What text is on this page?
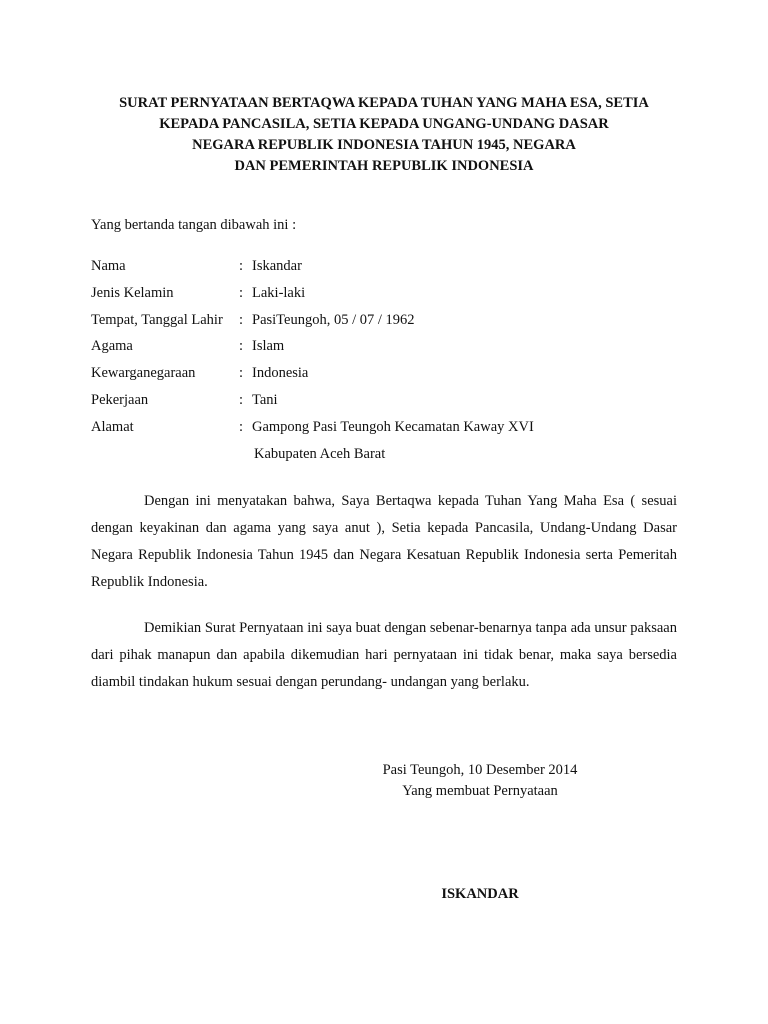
SURAT PERNYATAAN BERTAQWA KEPADA TUHAN YANG MAHA ESA, SETIA
KEPADA PANCASILA, SETIA KEPADA UNGANG-UNDANG DASAR
NEGARA REPUBLIK INDONESIA TAHUN 1945, NEGARA
DAN PEMERINTAH REPUBLIK INDONESIA
Yang bertanda tangan dibawah ini :
Nama	: Iskandar
Jenis Kelamin	: Laki-laki
Tempat, Tanggal Lahir : PasiTeungoh, 05 / 07 / 1962
Agama	: Islam
Kewarganegaraan	: Indonesia
Pekerjaan	: Tani
Alamat	: Gampong Pasi Teungoh Kecamatan Kaway XVI
Kabupaten Aceh Barat

Dengan ini menyatakan bahwa, Saya Bertaqwa kepada Tuhan Yang Maha Esa ( sesuai dengan keyakinan dan agama yang saya anut ), Setia kepada Pancasila, Undang-Undang Dasar Negara Republik Indonesia Tahun 1945 dan Negara Kesatuan Republik Indonesia serta Pemeritah Republik Indonesia.

Demikian Surat Pernyataan ini saya buat dengan sebenar-benarnya tanpa ada unsur paksaan dari pihak manapun dan apabila dikemudian hari pernyataan ini tidak benar, maka saya bersedia diambil tindakan hukum sesuai dengan perundang- undangan yang berlaku.

Pasi Teungoh, 10 Desember 2014
Yang membuat Pernyataan
ISKANDAR
